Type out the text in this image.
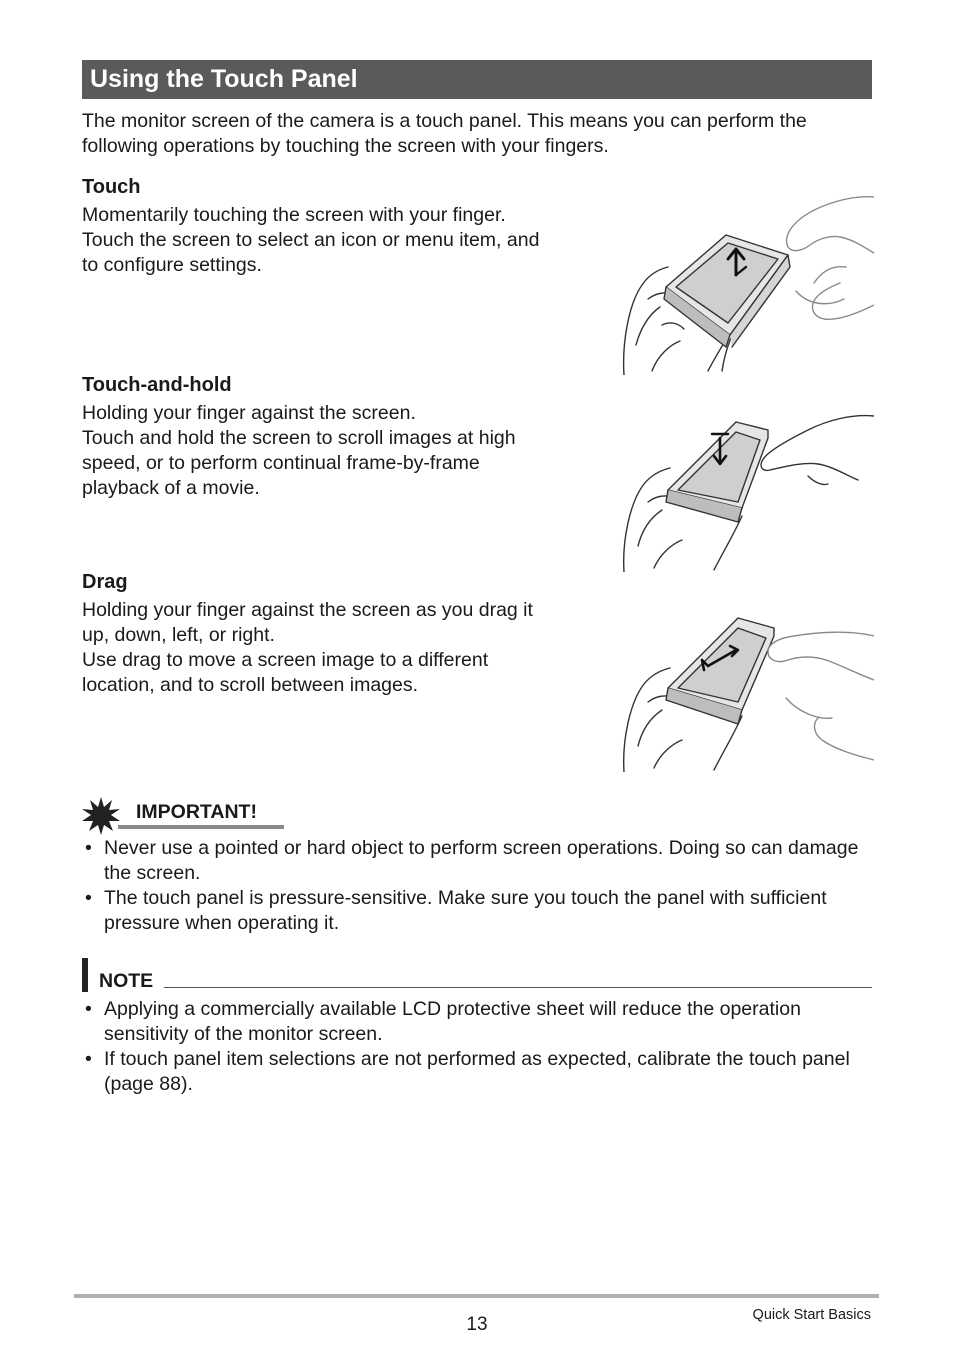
Using the Touch Panel
The monitor screen of the camera is a touch panel. This means you can perform the following operations by touching the screen with your fingers.
Touch
Momentarily touching the screen with your finger.
Touch the screen to select an icon or menu item, and
to configure settings.
Touch-and-hold
Holding your finger against the screen.
Touch and hold the screen to scroll images at high
speed, or to perform continual frame-by-frame
playback of a movie.
Drag
Holding your finger against the screen as you drag it
up, down, left, or right.
Use drag to move a screen image to a different
location, and to scroll between images.
IMPORTANT!
• Never use a pointed or hard object to perform screen operations. Doing so can damage the screen.
• The touch panel is pressure-sensitive. Make sure you touch the panel with sufficient pressure when operating it.
NOTE
• Applying a commercially available LCD protective sheet will reduce the operation sensitivity of the monitor screen.
• If touch panel item selections are not performed as expected, calibrate the touch panel (page 88).
13	Quick Start Basics
